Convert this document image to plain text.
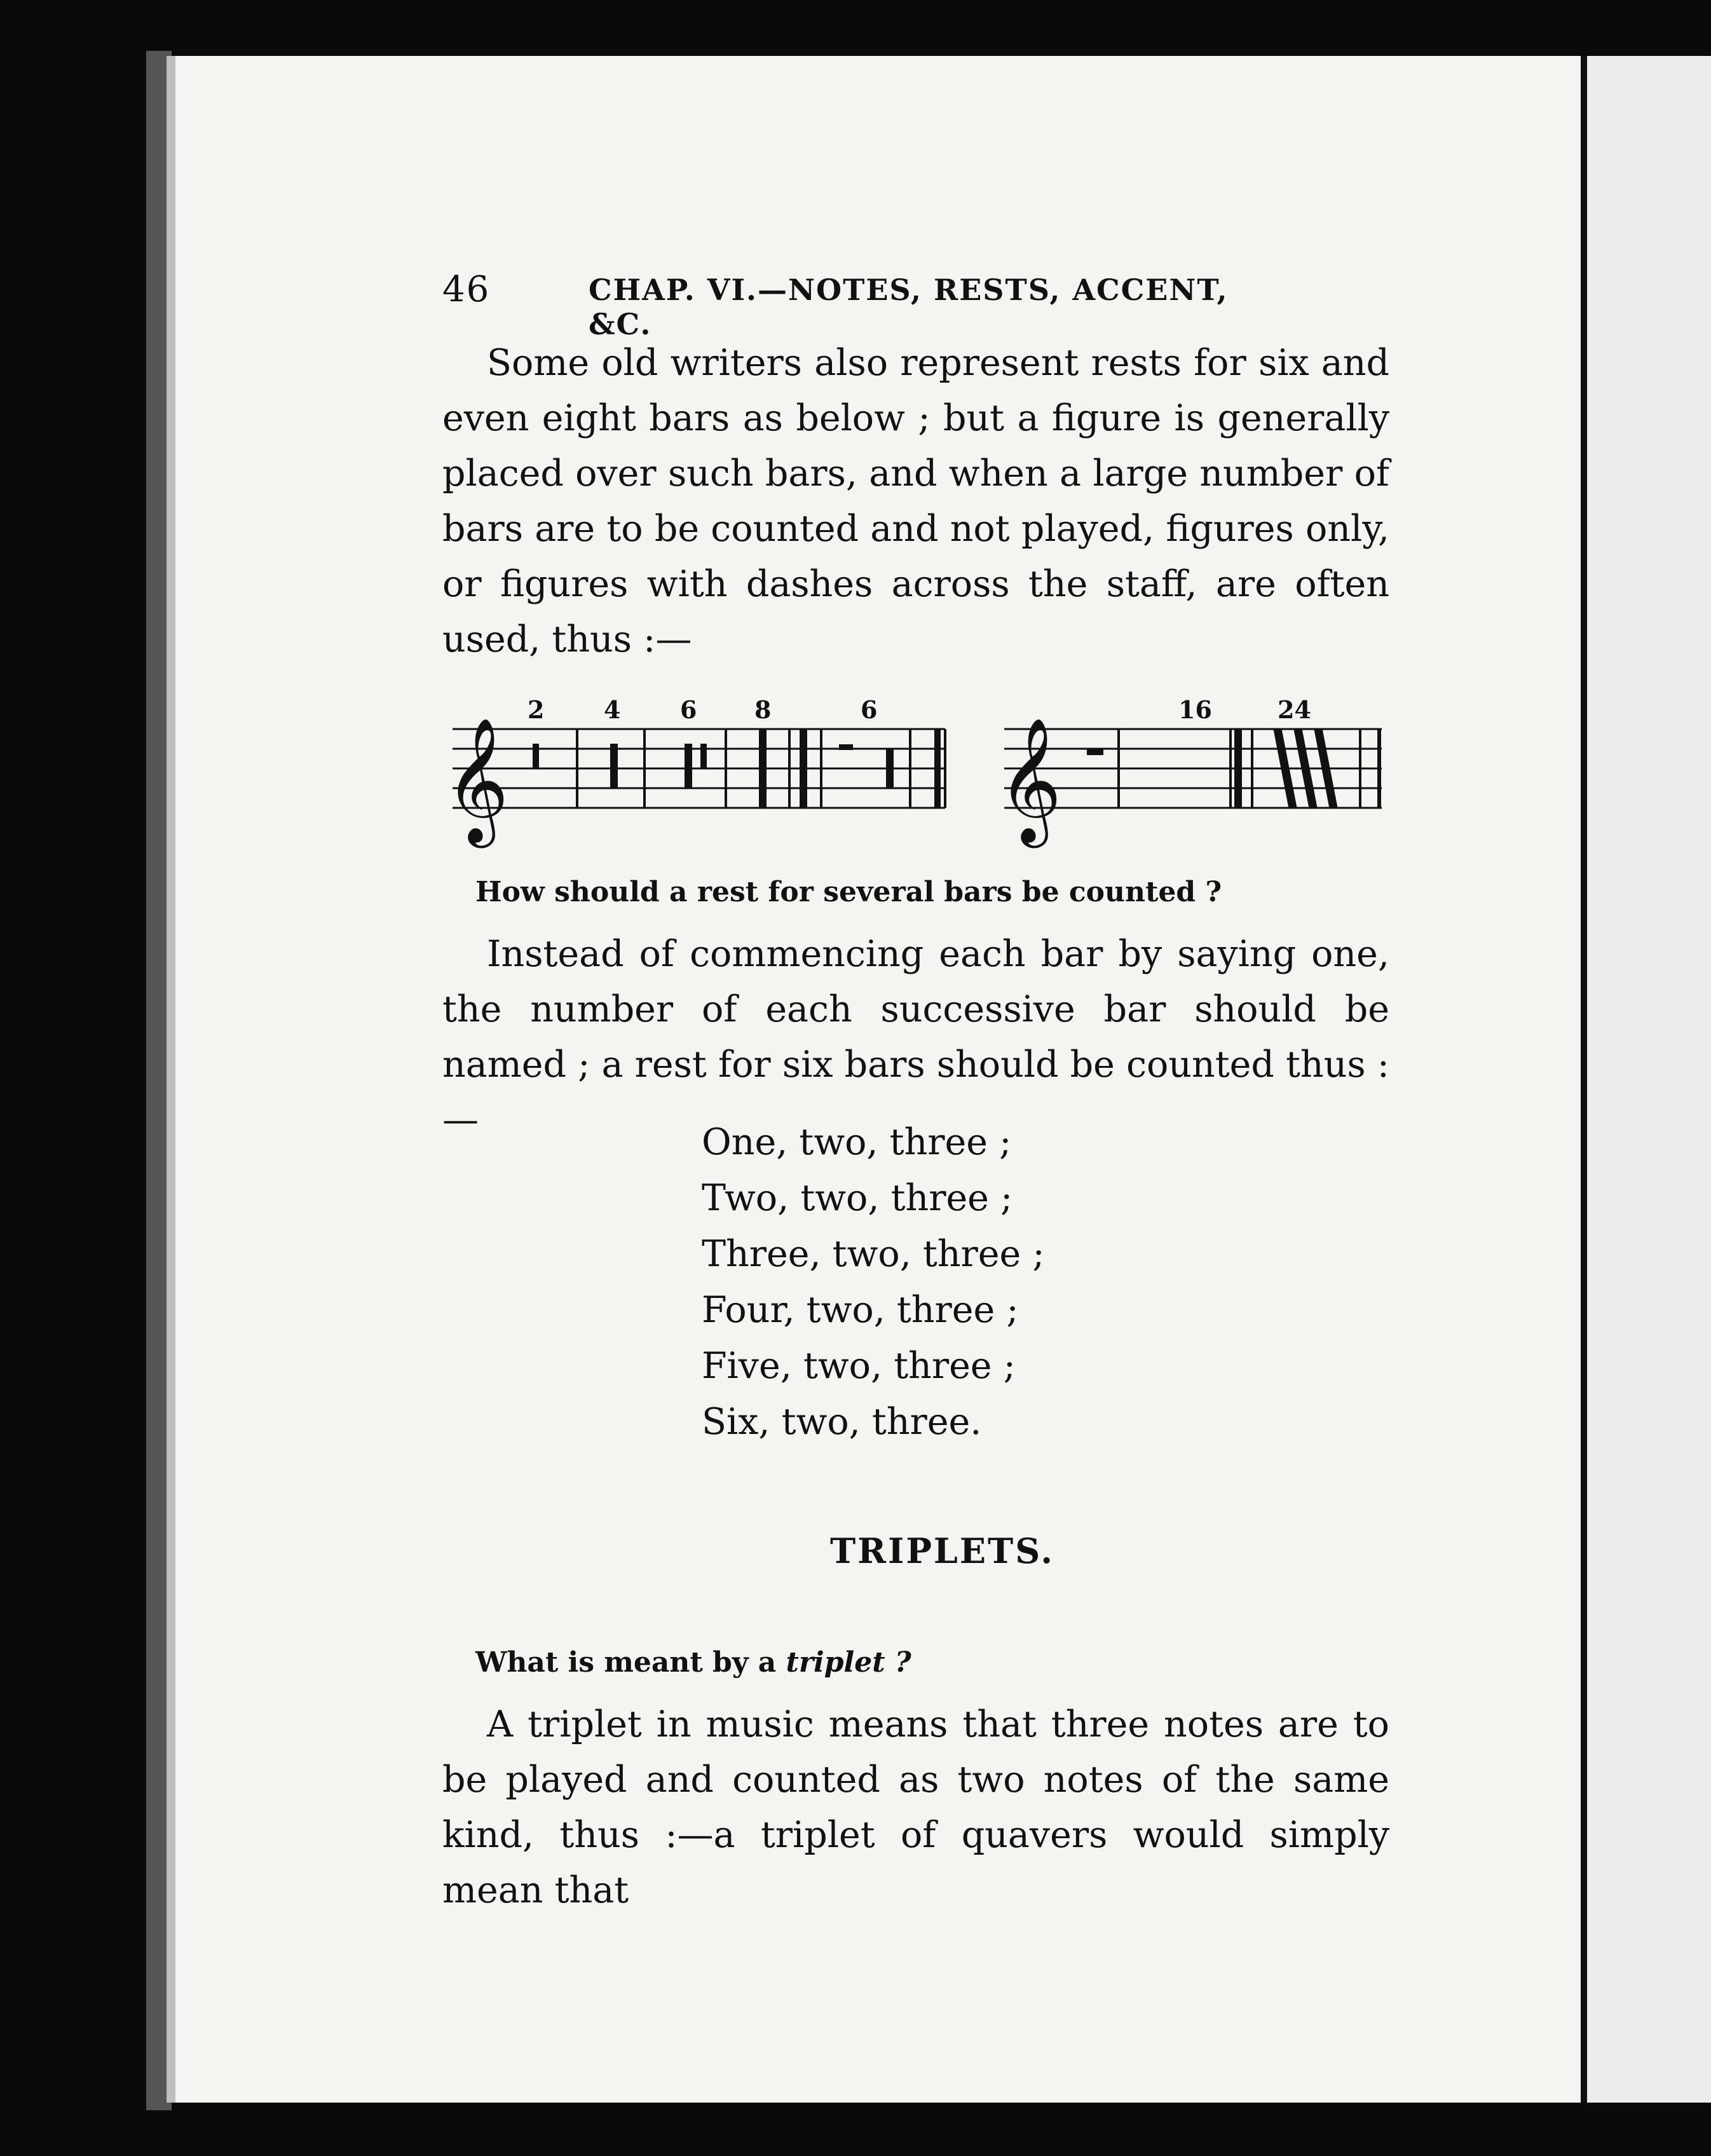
46	CHAP. VI.—NOTES, RESTS, ACCENT, &C.

Some old writers also represent rests for six and even eight bars as below ; but a figure is generally placed over such bars, and when a large number of bars are to be counted and not played, figures only, or figures with dashes across the staff, are often used, thus :—

𝄞
2 4 6 8	6
𝄞
16	24
How should a rest for several bars be counted ?

Instead of commencing each bar by saying one, the number of each successive bar should be named ; a rest for six bars should be counted thus :—

One, two, three ;
Two, two, three ;
Three, two, three ;
Four, two, three ;
Five, two, three ;
Six, two, three.
TRIPLETS.
What is meant by a triplet ?

A triplet in music means that three notes are to be played and counted as two notes of the same kind, thus :—a triplet of quavers would simply mean that
